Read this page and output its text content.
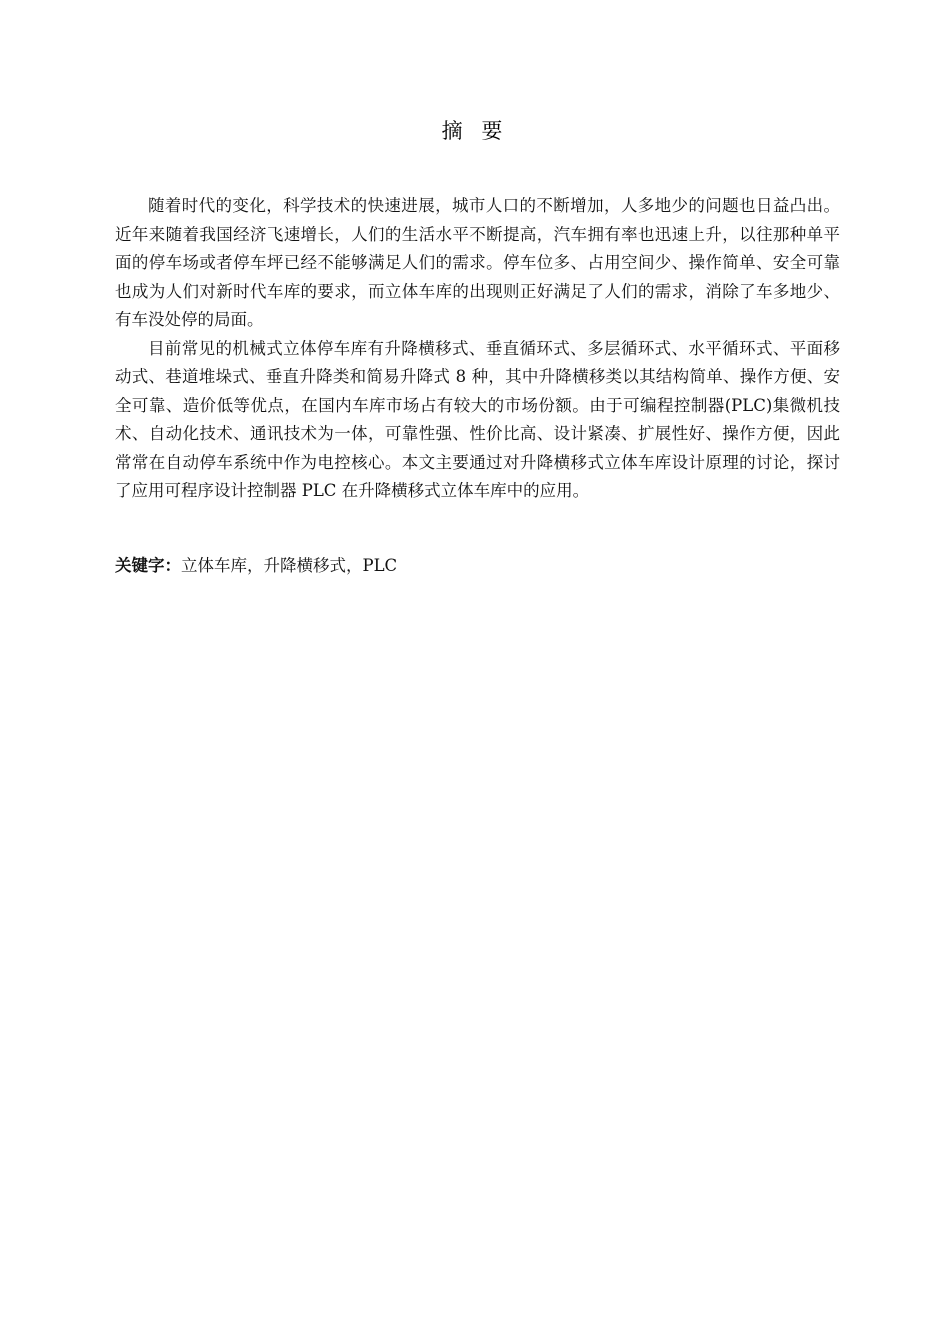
摘 要

随着时代的变化，科学技术的快速进展，城市人口的不断增加，人多地少的问题也日益凸出。近年来随着我国经济飞速增长，人们的生活水平不断提高，汽车拥有率也迅速上升，以往那种单平面的停车场或者停车坪已经不能够满足人们的需求。停车位多、占用空间少、操作简单、安全可靠也成为人们对新时代车库的要求，而立体车库的出现则正好满足了人们的需求，消除了车多地少、有车没处停的局面。

目前常见的机械式立体停车库有升降横移式、垂直循环式、多层循环式、水平循环式、平面移动式、巷道堆垛式、垂直升降类和简易升降式 8 种，其中升降横移类以其结构简单、操作方便、安全可靠、造价低等优点，在国内车库市场占有较大的市场份额。由于可编程控制器(PLC)集微机技术、自动化技术、通讯技术为一体，可靠性强、性价比高、设计紧凑、扩展性好、操作方便，因此常常在自动停车系统中作为电控核心。本文主要通过对升降横移式立体车库设计原理的讨论，探讨了应用可程序设计控制器 PLC 在升降横移式立体车库中的应用。

关键字：立体车库，升降横移式，PLC
